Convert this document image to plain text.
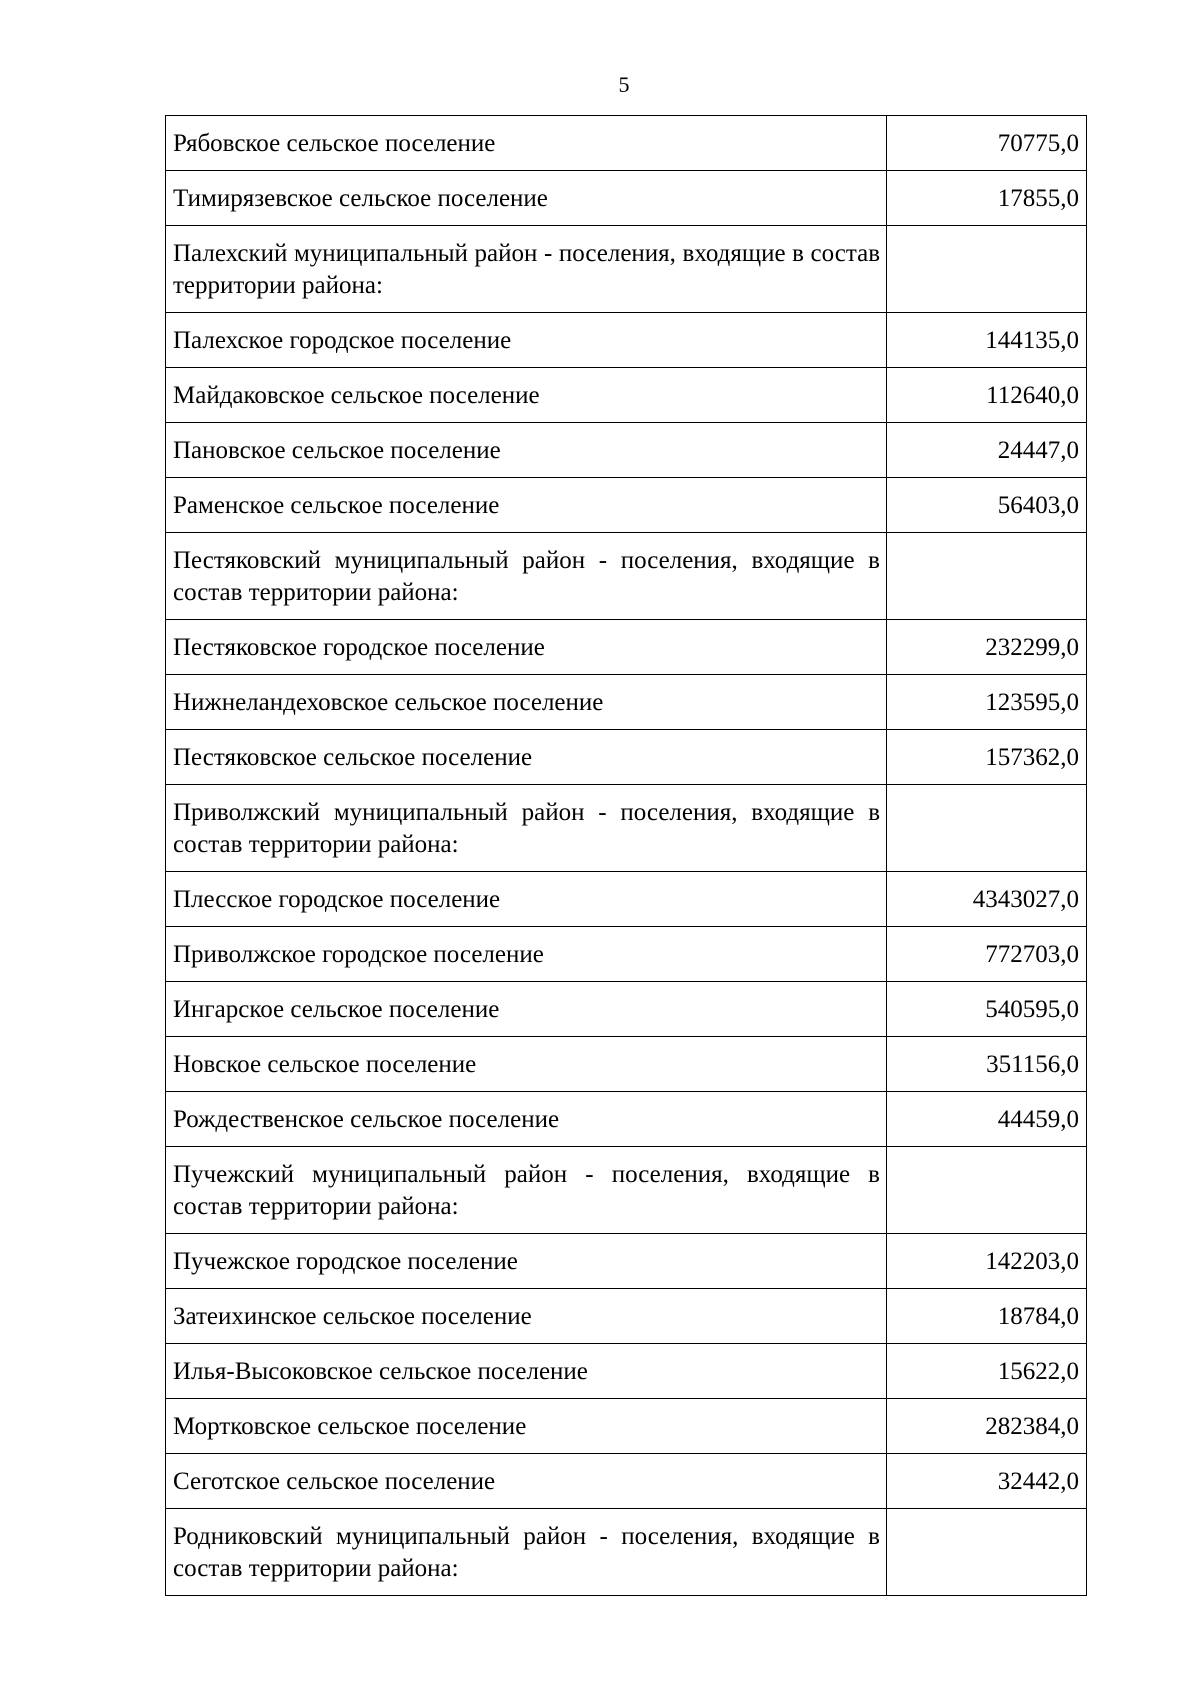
5
Рябовское сельское поселение	70775,0
Тимирязевское сельское поселение	17855,0
Палехский муниципальный район - поселения, входящие в состав территории района:	
Палехское городское поселение	144135,0
Майдаковское сельское поселение	112640,0
Пановское сельское поселение	24447,0
Раменское сельское поселение	56403,0
Пестяковский муниципальный район - поселения, входящие в состав территории района:	
Пестяковское городское поселение	232299,0
Нижнеландеховское сельское поселение	123595,0
Пестяковское сельское поселение	157362,0
Приволжский муниципальный район - поселения, входящие в состав территории района:	
Плесское городское поселение	4343027,0
Приволжское городское поселение	772703,0
Ингарское сельское поселение	540595,0
Новское сельское поселение	351156,0
Рождественское сельское поселение	44459,0
Пучежский муниципальный район - поселения, входящие в состав территории района:	
Пучежское городское поселение	142203,0
Затеихинское сельское поселение	18784,0
Илья-Высоковское сельское поселение	15622,0
Мортковское сельское поселение	282384,0
Сеготское сельское поселение	32442,0
Родниковский муниципальный район - поселения, входящие в состав территории района:	
